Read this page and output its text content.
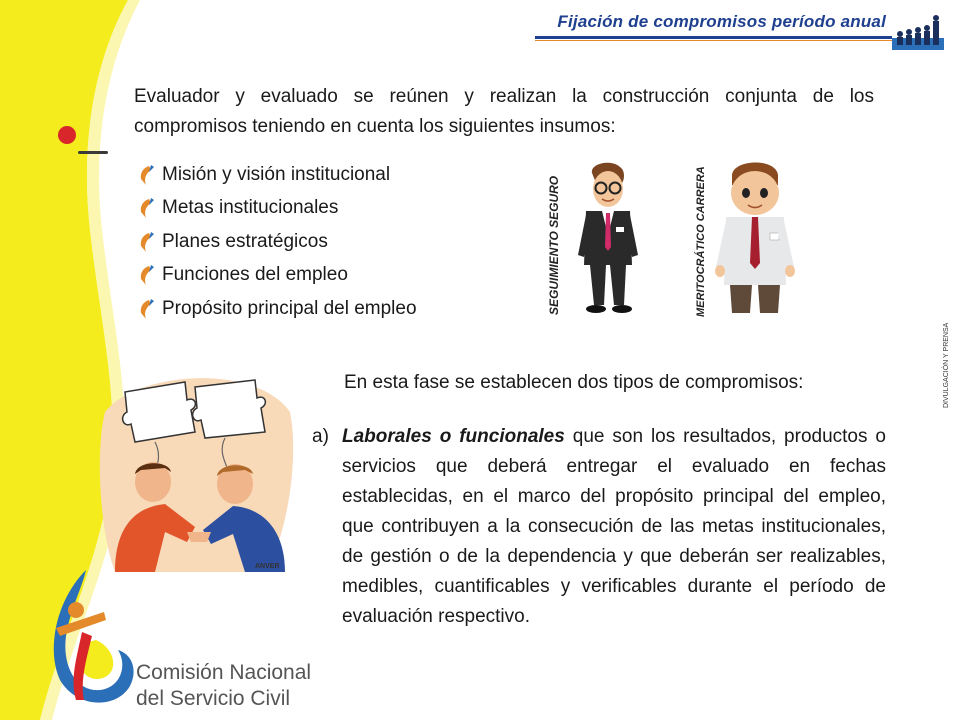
Fijación de compromisos período anual
Evaluador y evaluado se reúnen y realizan la construcción conjunta de los compromisos teniendo en cuenta los siguientes insumos:
Misión y visión institucional
Metas institucionales
Planes estratégicos
Funciones del empleo
Propósito principal del empleo	SEGUIMIENTO SEGURO	MERITOCRÁTICO CARRERA
DIVULGACIÓN Y PRENSA
ANVER
En esta fase se establecen dos tipos de compromisos:
a) Laborales o funcionales que son los resultados, productos o servicios que deberá entregar el evaluado en fechas establecidas, en el marco del propósito principal del empleo, que contribuyen a la consecución de las metas institucionales, de gestión o de la dependencia y que deberán ser realizables, medibles, cuantificables y verificables durante el período de evaluación respectivo.
Comisión Nacional
del Servicio Civil
